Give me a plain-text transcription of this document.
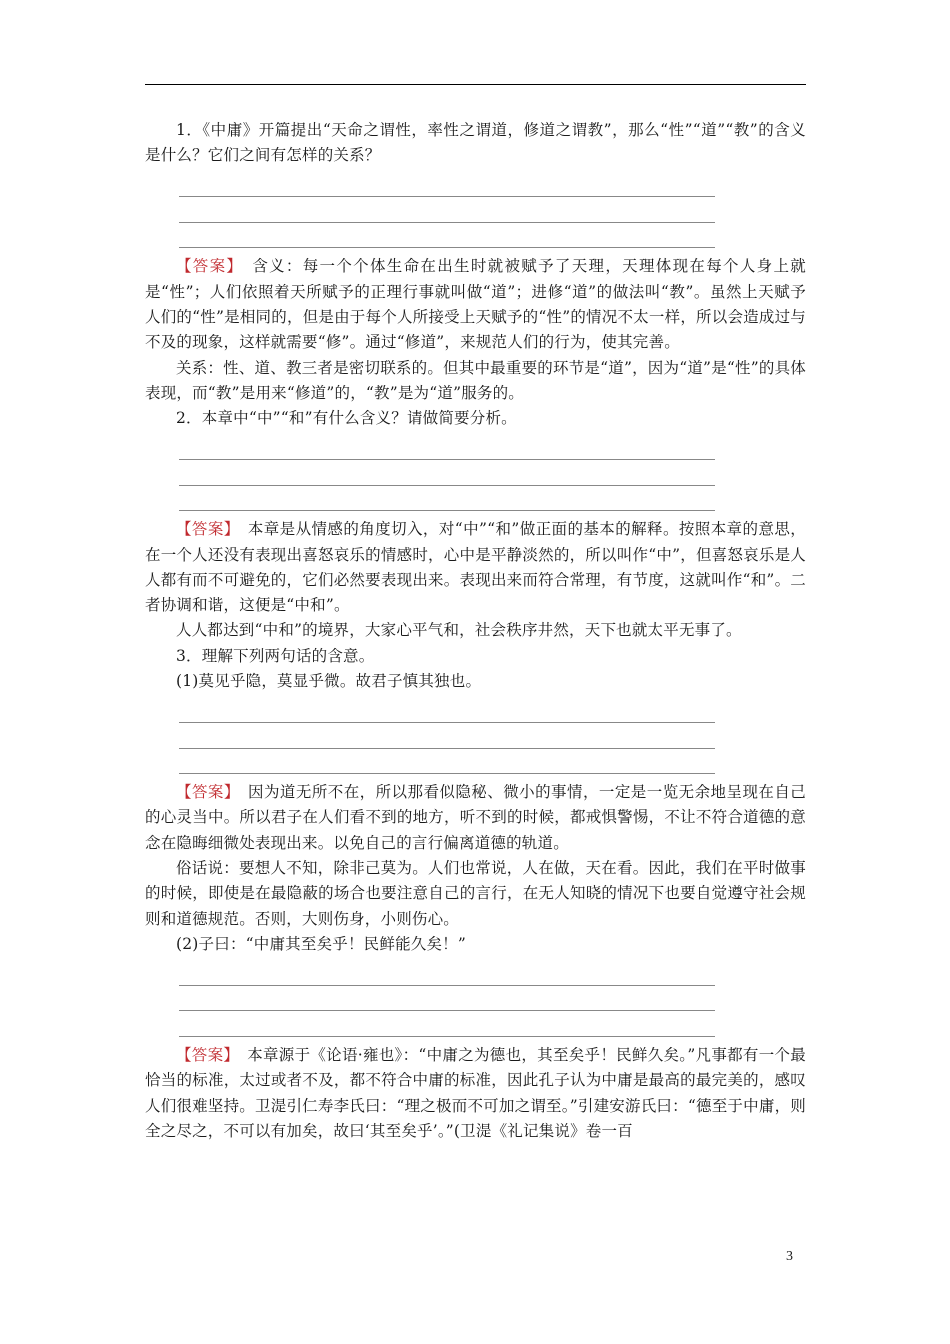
1．《中庸》开篇提出“天命之谓性，率性之谓道，修道之谓教”，那么“性”“道”“教”的含义是什么？它们之间有怎样的关系？

【答案】　 含义：每一个个体生命在出生时就被赋予了天理，天理体现在每个人身上就是“性”；人们依照着天所赋予的正理行事就叫做“道”；进修“道”的做法叫“教”。虽然上天赋予人们的“性”是相同的，但是由于每个人所接受上天赋予的“性”的情况不太一样，所以会造成过与不及的现象，这样就需要“修”。通过“修道”，来规范人们的行为，使其完善。

关系：性、道、教三者是密切联系的。但其中最重要的环节是“道”，因为“道”是“性”的具体表现，而“教”是用来“修道”的，“教”是为“道”服务的。

2．本章中“中”“和”有什么含义？请做简要分析。

【答案】　 本章是从情感的角度切入，对“中”“和”做正面的基本的解释。按照本章的意思，在一个人还没有表现出喜怒哀乐的情感时，心中是平静淡然的，所以叫作“中”，但喜怒哀乐是人人都有而不可避免的，它们必然要表现出来。表现出来而符合常理，有节度，这就叫作“和”。二者协调和谐，这便是“中和”。

人人都达到“中和”的境界，大家心平气和，社会秩序井然，天下也就太平无事了。

3．理解下列两句话的含意。

(1)莫见乎隐，莫显乎微。故君子慎其独也。

【答案】　 因为道无所不在，所以那看似隐秘、微小的事情，一定是一览无余地呈现在自己的心灵当中。所以君子在人们看不到的地方，听不到的时候，都戒惧警惕，不让不符合道德的意念在隐晦细微处表现出来。以免自己的言行偏离道德的轨道。

俗话说：要想人不知，除非己莫为。人们也常说，人在做，天在看。因此，我们在平时做事的时候，即使是在最隐蔽的场合也要注意自己的言行，在无人知晓的情况下也要自觉遵守社会规则和道德规范。否则，大则伤身，小则伤心。

(2)子曰：“中庸其至矣乎！民鲜能久矣！”

【答案】　 本章源于《论语·雍也》：“中庸之为德也，其至矣乎！民鲜久矣。”凡事都有一个最恰当的标准，太过或者不及，都不符合中庸的标准，因此孔子认为中庸是最高的最完美的，感叹人们很难坚持。卫湜引仁寿李氏曰：“理之极而不可加之谓至。”引建安游氏曰：“德至于中庸，则全之尽之，不可以有加矣，故曰‘其至矣乎’。”(卫湜《礼记集说》卷一百

3
